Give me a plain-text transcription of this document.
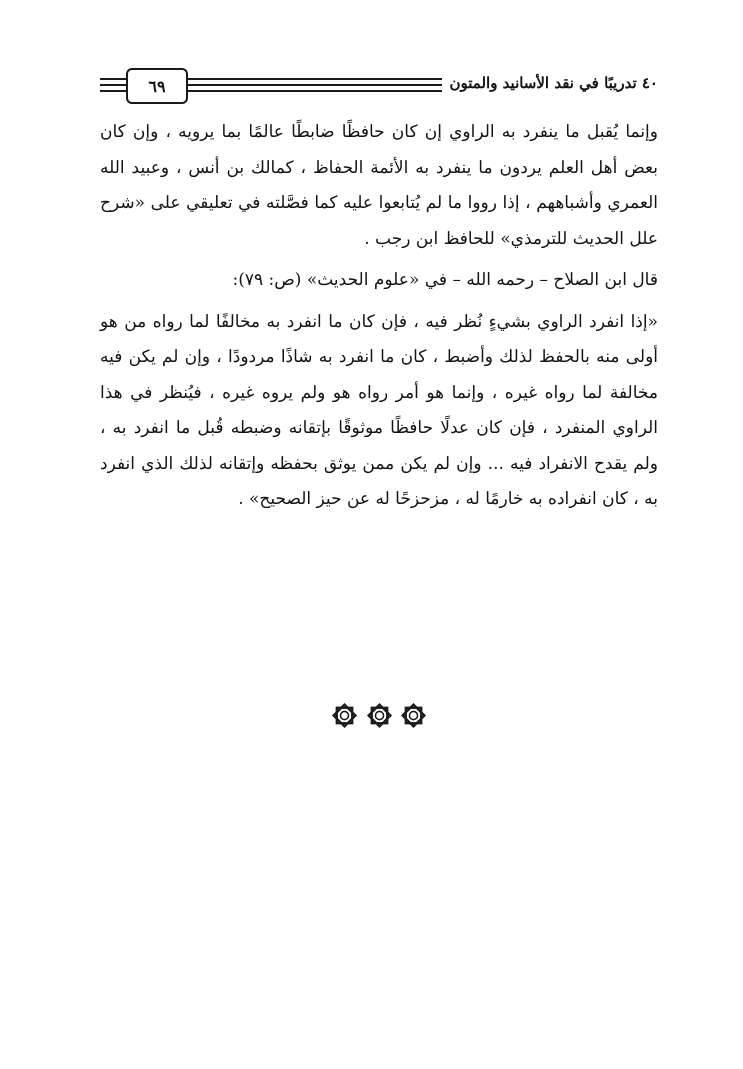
٦٩	٤٠ تدريبًا في نقد الأسانيد والمتون

وإنما يُقبل ما ينفرد به الراوي إن كان حافظًا ضابطًا عالمًا بما يرويه ، وإن كان بعض أهل العلم يردون ما ينفرد به الأئمة الحفاظ ، كمالك بن أنس ، وعبيد الله العمري وأشباههم ، إذا رووا ما لم يُتابعوا عليه كما فصَّلته في تعليقي على «شرح علل الحديث للترمذي» للحافظ ابن رجب .

قال ابن الصلاح – رحمه الله – في «علوم الحديث» (ص: ٧٩):

«إذا انفرد الراوي بشيءٍ نُظر فيه ، فإن كان ما انفرد به مخالفًا لما رواه من هو أولى منه بالحفظ لذلك وأضبط ، كان ما انفرد به شاذًا مردودًا ، وإن لم يكن فيه مخالفة لما رواه غيره ، وإنما هو أمر رواه هو ولم يروه غيره ، فيُنظر في هذا الراوي المنفرد ، فإن كان عدلًا حافظًا موثوقًا بإتقانه وضبطه قُبل ما انفرد به ، ولم يقدح الانفراد فيه ... وإن لم يكن ممن يوثق بحفظه وإتقانه لذلك الذي انفرد به ، كان انفراده به خارمًا له ، مزحزحًا له عن حيز الصحيح» .
